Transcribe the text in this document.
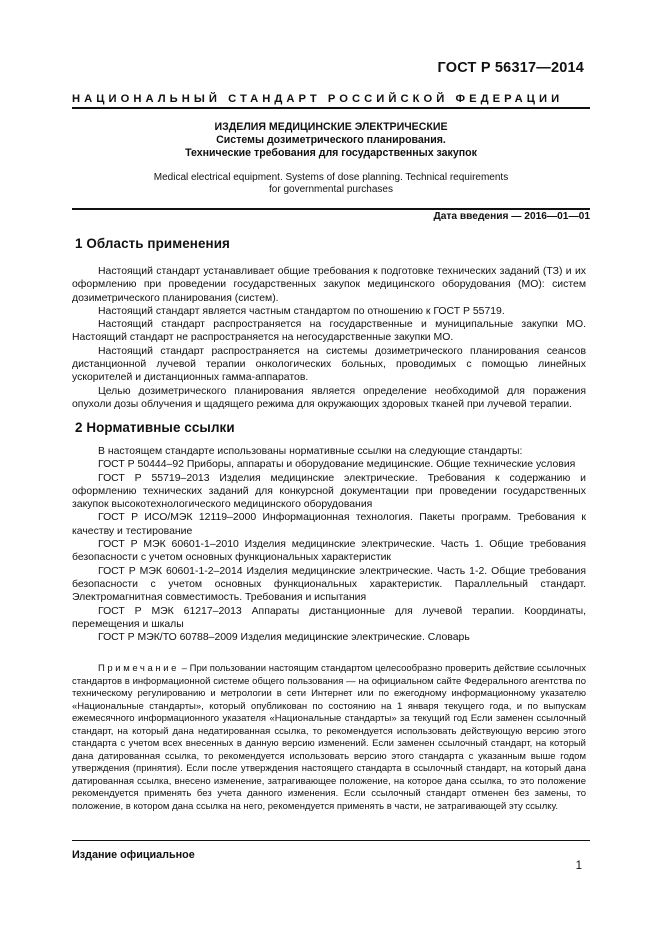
ГОСТ Р 56317—2014
НАЦИОНАЛЬНЫЙ СТАНДАРТ РОССИЙСКОЙ ФЕДЕРАЦИИ
ИЗДЕЛИЯ МЕДИЦИНСКИЕ ЭЛЕКТРИЧЕСКИЕ
Системы дозиметрического планирования.
Технические требования для государственных закупок
Medical electrical equipment. Systems of dose planning. Technical requirements
for governmental purchases
Дата введения — 2016—01—01
1 Область применения

Настоящий стандарт устанавливает общие требования к подготовке технических заданий (ТЗ) и их оформлению при проведении государственных закупок медицинского оборудования (МО): систем дозиметрического планирования (систем).

Настоящий стандарт является частным стандартом по отношению к ГОСТ Р 55719.

Настоящий стандарт распространяется на государственные и муниципальные закупки МО. Настоящий стандарт не распространяется на негосударственные закупки МО.

Настоящий стандарт распространяется на системы дозиметрического планирования сеансов дистанционной лучевой терапии онкологических больных, проводимых с помощью линейных ускорителей и дистанционных гамма-аппаратов.

Целью дозиметрического планирования является определение необходимой для поражения опухоли дозы облучения и щадящего режима для окружающих здоровых тканей при лучевой терапии.

2 Нормативные ссылки

В настоящем стандарте использованы нормативные ссылки на следующие стандарты:

ГОСТ Р 50444–92 Приборы, аппараты и оборудование медицинские. Общие технические условия

ГОСТ Р 55719–2013 Изделия медицинские электрические. Требования к содержанию и оформлению технических заданий для конкурсной документации при проведении государственных закупок высокотехнологического медицинского оборудования

ГОСТ Р ИСО/МЭК 12119–2000 Информационная технология. Пакеты программ. Требования к качеству и тестирование

ГОСТ Р МЭК 60601-1–2010 Изделия медицинские электрические. Часть 1. Общие требования безопасности с учетом основных функциональных характеристик

ГОСТ Р МЭК 60601-1-2–2014 Изделия медицинские электрические. Часть 1-2. Общие требования безопасности с учетом основных функциональных характеристик. Параллельный стандарт. Электромагнитная совместимость. Требования и испытания

ГОСТ Р МЭК 61217–2013 Аппараты дистанционные для лучевой терапии. Координаты, перемещения и шкалы

ГОСТ Р МЭК/ТО 60788–2009 Изделия медицинские электрические. Словарь

Примечание – При пользовании настоящим стандартом целесообразно проверить действие ссылочных стандартов в информационной системе общего пользования — на официальном сайте Федерального агентства по техническому регулированию и метрологии в сети Интернет или по ежегодному информационному указателю «Национальные стандарты», который опубликован по состоянию на 1 января текущего года, и по выпускам ежемесячного информационного указателя «Национальные стандарты» за текущий год Если заменен ссылочный стандарт, на который дана недатированная ссылка, то рекомендуется использовать действующую версию этого стандарта с учетом всех внесенных в данную версию изменений. Если заменен ссылочный стандарт, на который дана датированная ссылка, то рекомендуется использовать версию этого стандарта с указанным выше годом утверждения (принятия). Если после утверждения настоящего стандарта в ссылочный стандарт, на который дана датированная ссылка, внесено изменение, затрагивающее положение, на которое дана ссылка, то это положение рекомендуется применять без учета данного изменения. Если ссылочный стандарт отменен без замены, то положение, в котором дана ссылка на него, рекомендуется применять в части, не затрагивающей эту ссылку.
Издание официальное
1
